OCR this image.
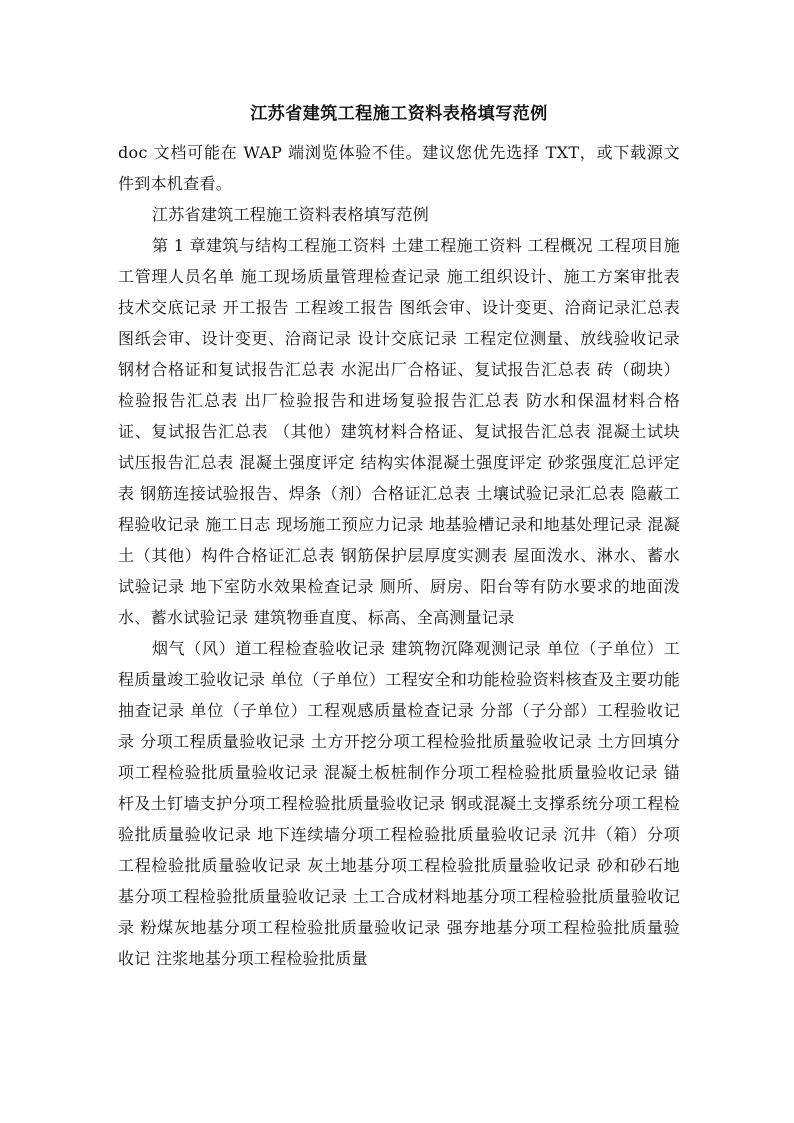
江苏省建筑工程施工资料表格填写范例

doc 文档可能在 WAP 端浏览体验不佳。建议您优先选择 TXT，或下载源文件到本机查看。

江苏省建筑工程施工资料表格填写范例

第 1 章建筑与结构工程施工资料 土建工程施工资料 工程概况 工程项目施工管理人员名单 施工现场质量管理检查记录 施工组织设计、施工方案审批表 技术交底记录 开工报告 工程竣工报告 图纸会审、设计变更、洽商记录汇总表 图纸会审、设计变更、洽商记录 设计交底记录 工程定位测量、放线验收记录 钢材合格证和复试报告汇总表 水泥出厂合格证、复试报告汇总表 砖（砌块）检验报告汇总表 出厂检验报告和进场复验报告汇总表 防水和保温材料合格证、复试报告汇总表 （其他）建筑材料合格证、复试报告汇总表 混凝土试块试压报告汇总表 混凝土强度评定 结构实体混凝土强度评定 砂浆强度汇总评定表 钢筋连接试验报告、焊条（剂）合格证汇总表 土壤试验记录汇总表 隐蔽工程验收记录 施工日志 现场施工预应力记录 地基验槽记录和地基处理记录 混凝土（其他）构件合格证汇总表 钢筋保护层厚度实测表 屋面泼水、淋水、蓄水试验记录 地下室防水效果检查记录 厕所、厨房、阳台等有防水要求的地面泼水、蓄水试验记录 建筑物垂直度、标高、全高测量记录

烟气（风）道工程检查验收记录 建筑物沉降观测记录 单位（子单位）工程质量竣工验收记录 单位（子单位）工程安全和功能检验资料核查及主要功能抽查记录 单位（子单位）工程观感质量检查记录 分部（子分部）工程验收记录 分项工程质量验收记录 土方开挖分项工程检验批质量验收记录 土方回填分项工程检验批质量验收记录 混凝土板桩制作分项工程检验批质量验收记录 锚杆及土钉墙支护分项工程检验批质量验收记录 钢或混凝土支撑系统分项工程检验批质量验收记录 地下连续墙分项工程检验批质量验收记录 沉井（箱）分项工程检验批质量验收记录 灰土地基分项工程检验批质量验收记录 砂和砂石地基分项工程检验批质量验收记录 土工合成材料地基分项工程检验批质量验收记录 粉煤灰地基分项工程检验批质量验收记录 强夯地基分项工程检验批质量验收记 注浆地基分项工程检验批质量
